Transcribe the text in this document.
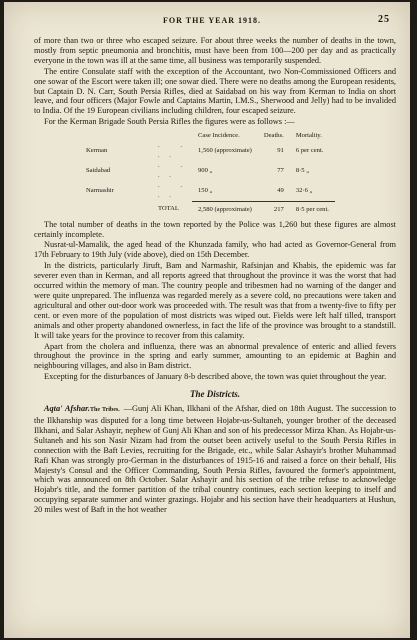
FOR THE YEAR 1918.	25

of more than two or three who escaped seizure. For about three weeks the number of deaths in the town, mostly from septic pneumonia and bronchitis, must have been from 100—200 per day and as practically everyone in the town was ill at the same time, all business was temporarily suspended.

The entire Consulate staff with the exception of the Accountant, two Non-Commissioned Officers and one sowar of the Escort were taken ill; one sowar died. There were no deaths among the European residents, but Captain D. N. Carr, South Persia Rifles, died at Saidabad on his way from Kerman to India on short leave, and four officers (Major Fowle and Captains Martin, I.M.S., Sherwood and Jelly) had to be invalided to India. Of the 19 European civilians including children, four escaped seizure.

For the Kerman Brigade South Persia Rifles the figures were as follows :—

		Case Incidence.	Deaths.	Mortality.
Kerman	. . . .	1,560 (approximate)	91	6 per cent.
Saidabad	. . . .	900 „	77	8·5 „
Narmashir	. . . .	150 „	49	32·6 „
	TOTAL	2,580 (approximate)	217	8·5 per cent.

The total number of deaths in the town reported by the Police was 1,260 but these figures are almost certainly incomplete.

Nusrat-ul-Mamalik, the aged head of the Khunzada family, who had acted as Governor-General from 17th February to 19th July (vide above), died on 15th December.

In the districts, particularly Jiruft, Bam and Narmashir, Rafsinjan and Khabis, the epidemic was far severer even than in Kerman, and all reports agreed that throughout the province it was the worst that had occurred within the memory of man. The country people and tribesmen had no warning of the danger and were quite unprepared. The influenza was regarded merely as a severe cold, no precautions were taken and agricultural and other out-door work was proceeded with. The result was that from a twenty-five to fifty per cent. or even more of the population of most districts was wiped out. Fields were left half tilled, transport animals and other property abandoned ownerless, in fact the life of the province was brought to a standstill. It will take years for the province to recover from this calamity.

Apart from the cholera and influenza, there was an abnormal prevalence of enteric and allied fevers throughout the province in the spring and early summer, amounting to an epidemic at Baghin and neighbouring villages, and also in Bam district.

Excepting for the disturbances of January 8-b described above, the town was quiet throughout the year.

The Districts.

Aqta' Afshar.The Tribes. —Gunj Ali Khan, Ilkhani of the Afshar, died on 18th August. The succession to the Ilkhanship was disputed for a long time between Hojabr-us-Sultaneh, younger brother of the deceased Ilkhani, and Salar Ashayir, nephew of Gunj Ali Khan and son of his predecessor Mirza Khan. As Hojabr-us-Sultaneh and his son Nasir Nizam had from the outset been actively useful to the South Persia Rifles in connection with the Baft Levies, recruiting for the Brigade, etc., while Salar Ashayir's brother Muhammad Rafi Khan was strongly pro-German in the disturbances of 1915-16 and raised a force on their behalf, His Majesty's Consul and the Officer Commanding, South Persia Rifles, favoured the former's appointment, which was announced on 8th October. Salar Ashayir and his section of the tribe refuse to acknowledge Hojabr's title, and the former partition of the tribal country continues, each section keeping to itself and occupying separate summer and winter grazings. Hojabr and his section have their headquarters at Hushun, 20 miles west of Baft in the hot weather
